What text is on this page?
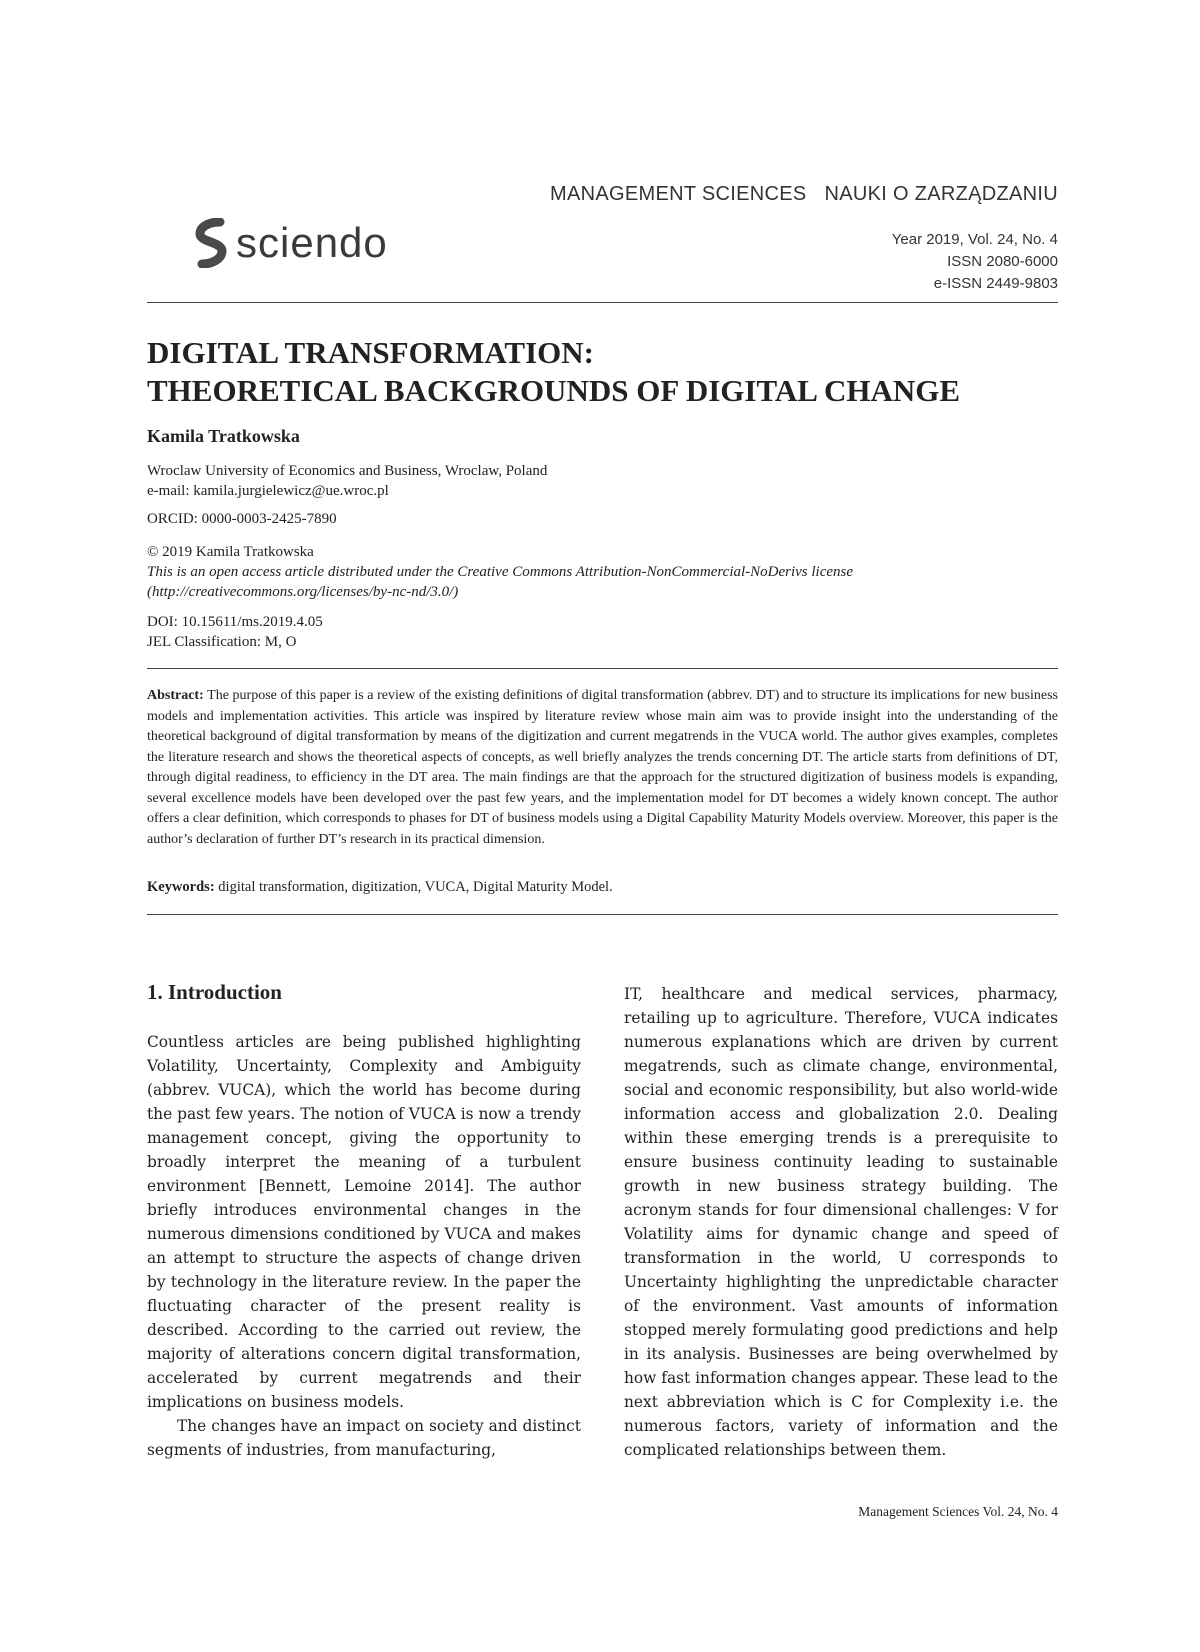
MANAGEMENT SCIENCES NAUKI O ZARZĄDZANIU
sciendo	Year 2019, Vol. 24, No. 4
ISSN 2080-6000
e-ISSN 2449-9803
DIGITAL TRANSFORMATION:
THEORETICAL BACKGROUNDS OF DIGITAL CHANGE
Kamila Tratkowska
Wroclaw University of Economics and Business, Wroclaw, Poland
e-mail: kamila.jurgielewicz@ue.wroc.pl
ORCID: 0000-0003-2425-7890
© 2019 Kamila Tratkowska
This is an open access article distributed under the Creative Commons Attribution-NonCommercial-NoDerivs license
(http://creativecommons.org/licenses/by-nc-nd/3.0/)
DOI: 10.15611/ms.2019.4.05
JEL Classification: M, O

Abstract: The purpose of this paper is a review of the existing definitions of digital transformation (abbrev. DT) and to structure its implications for new business models and implementation activities. This article was inspired by literature review whose main aim was to provide insight into the understanding of the theoretical background of digital transformation by means of the digitization and current megatrends in the VUCA world. The author gives examples, completes the literature research and shows the theoretical aspects of concepts, as well briefly analyzes the trends concerning DT. The article starts from definitions of DT, through digital readiness, to efficiency in the DT area. The main findings are that the approach for the structured digitization of business models is expanding, several excellence models have been developed over the past few years, and the implementation model for DT becomes a widely known concept. The author offers a clear definition, which corresponds to phases for DT of business models using a Digital Capability Maturity Models overview. Moreover, this paper is the author’s declaration of further DT’s research in its practical dimension.

Keywords: digital transformation, digitization, VUCA, Digital Maturity Model.
1. Introduction

Countless articles are being published highlighting Volatility, Uncertainty, Complexity and Ambiguity (abbrev. VUCA), which the world has become during the past few years. The notion of VUCA is now a trendy management concept, giving the opportunity to broadly interpret the meaning of a turbulent environment [Bennett, Lemoine 2014]. The author briefly introduces environmental changes in the numerous dimensions conditioned by VUCA and makes an attempt to structure the aspects of change driven by technology in the literature review. In the paper the fluctuating character of the present reality is described. According to the carried out review, the majority of alterations concern digital transformation, accelerated by current megatrends and their implications on business models.

The changes have an impact on society and distinct segments of industries, from manufacturing,

IT, healthcare and medical services, pharmacy, retailing up to agriculture. Therefore, VUCA indicates numerous explanations which are driven by current megatrends, such as climate change, environmental, social and economic responsibility, but also world-wide information access and globalization 2.0. Dealing within these emerging trends is a prerequisite to ensure business continuity leading to sustainable growth in new business strategy building. The acronym stands for four dimensional challenges: V for Volatility aims for dynamic change and speed of transformation in the world, U corresponds to Uncertainty highlighting the unpredictable character of the environment. Vast amounts of information stopped merely formulating good predictions and help in its analysis. Businesses are being overwhelmed by how fast information changes appear. These lead to the next abbreviation which is C for Complexity i.e. the numerous factors, variety of information and the complicated relationships between them.

Management Sciences Vol. 24, No. 4
